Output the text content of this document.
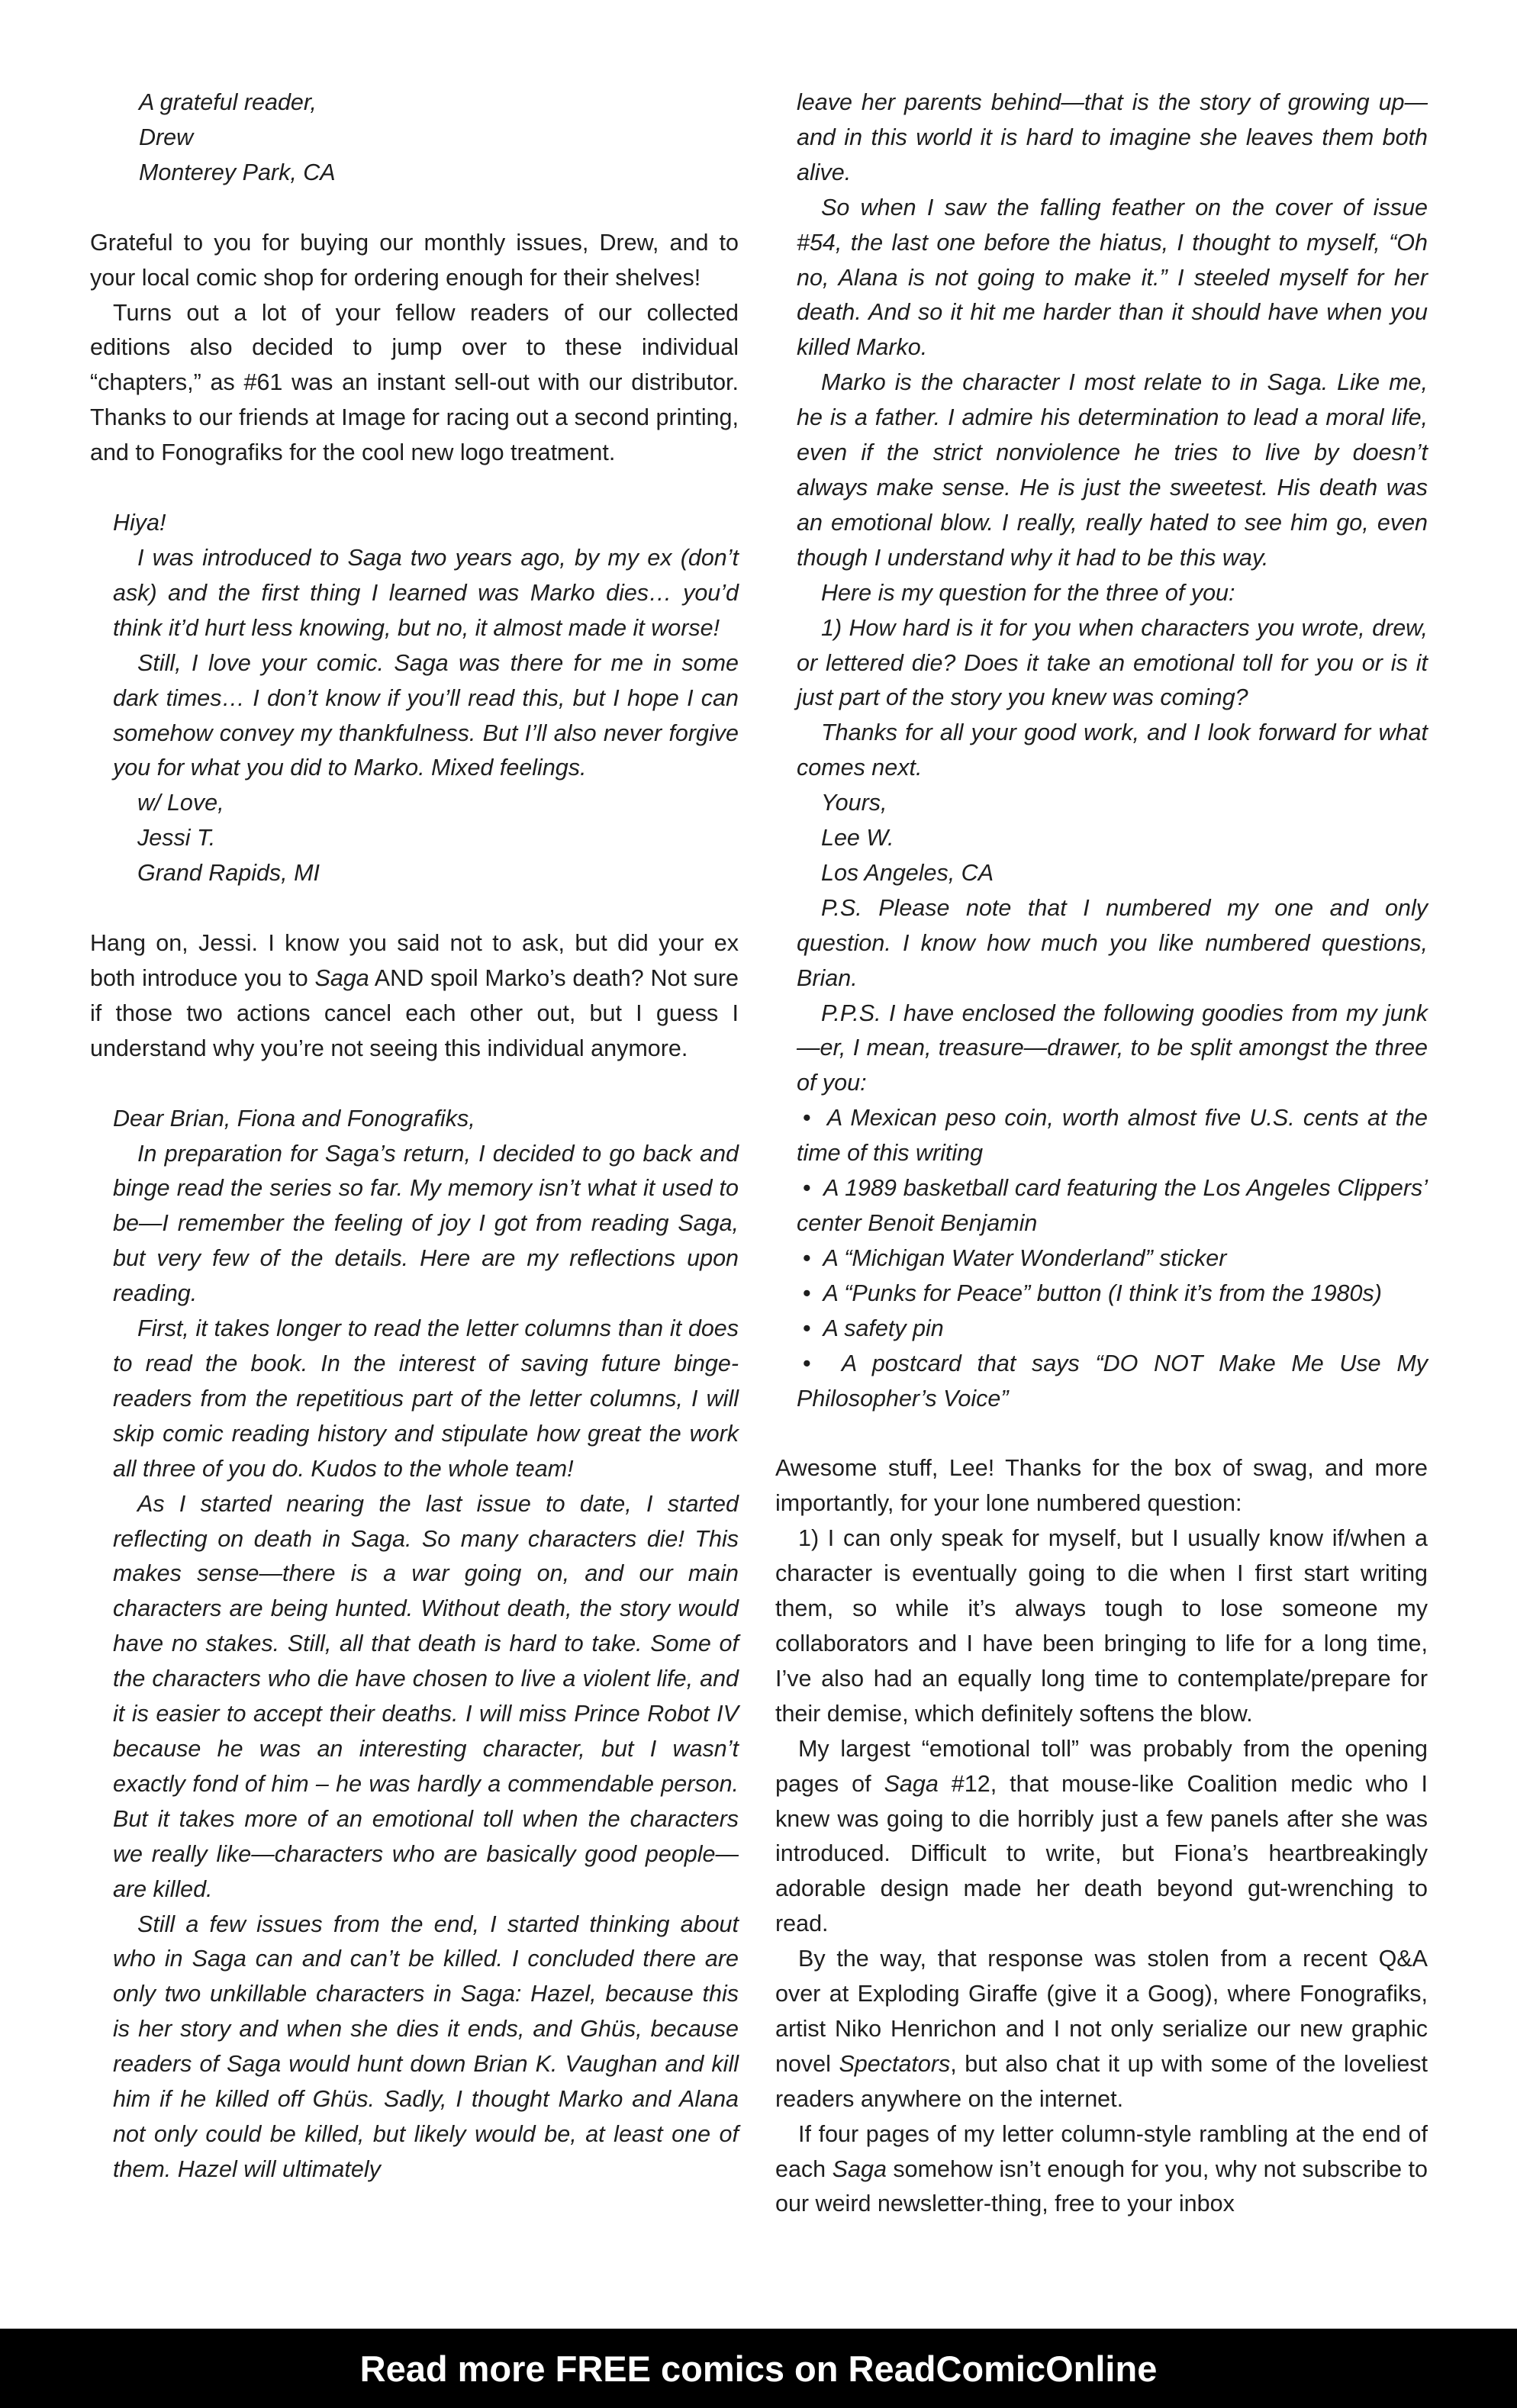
A grateful reader,

Drew

Monterey Park, CA

Grateful to you for buying our monthly issues, Drew, and to your local comic shop for ordering enough for their shelves!

Turns out a lot of your fellow readers of our collected editions also decided to jump over to these individual “chapters,” as #61 was an instant sell-out with our distributor. Thanks to our friends at Image for racing out a second printing, and to Fonografiks for the cool new logo treatment.

Hiya!

I was introduced to Saga two years ago, by my ex (don’t ask) and the first thing I learned was Marko dies… you’d think it’d hurt less knowing, but no, it almost made it worse!

Still, I love your comic. Saga was there for me in some dark times… I don’t know if you’ll read this, but I hope I can somehow convey my thankfulness. But I’ll also never forgive you for what you did to Marko. Mixed feelings.

w/ Love,

Jessi T.

Grand Rapids, MI

Hang on, Jessi. I know you said not to ask, but did your ex both introduce you to Saga AND spoil Marko’s death? Not sure if those two actions cancel each other out, but I guess I understand why you’re not seeing this individual anymore.

Dear Brian, Fiona and Fonografiks,

In preparation for Saga’s return, I decided to go back and binge read the series so far. My memory isn’t what it used to be—I remember the feeling of joy I got from reading Saga, but very few of the details. Here are my reflections upon reading.

First, it takes longer to read the letter columns than it does to read the book. In the interest of saving future binge-readers from the repetitious part of the letter columns, I will skip comic reading history and stipulate how great the work all three of you do. Kudos to the whole team!

As I started nearing the last issue to date, I started reflecting on death in Saga. So many characters die! This makes sense—there is a war going on, and our main characters are being hunted. Without death, the story would have no stakes. Still, all that death is hard to take. Some of the characters who die have chosen to live a violent life, and it is easier to accept their deaths. I will miss Prince Robot IV because he was an interesting character, but I wasn’t exactly fond of him – he was hardly a commendable person. But it takes more of an emotional toll when the characters we really like—characters who are basically good people—are killed.

Still a few issues from the end, I started thinking about who in Saga can and can’t be killed. I concluded there are only two unkillable characters in Saga: Hazel, because this is her story and when she dies it ends, and Ghüs, because readers of Saga would hunt down Brian K. Vaughan and kill him if he killed off Ghüs. Sadly, I thought Marko and Alana not only could be killed, but likely would be, at least one of them. Hazel will ultimately

leave her parents behind—that is the story of growing up—and in this world it is hard to imagine she leaves them both alive.

So when I saw the falling feather on the cover of issue #54, the last one before the hiatus, I thought to myself, “Oh no, Alana is not going to make it.” I steeled myself for her death. And so it hit me harder than it should have when you killed Marko.

Marko is the character I most relate to in Saga. Like me, he is a father. I admire his determination to lead a moral life, even if the strict nonviolence he tries to live by doesn’t always make sense. He is just the sweetest. His death was an emotional blow. I really, really hated to see him go, even though I understand why it had to be this way.

Here is my question for the three of you:

1) How hard is it for you when characters you wrote, drew, or lettered die? Does it take an emotional toll for you or is it just part of the story you knew was coming?

Thanks for all your good work, and I look forward for what comes next.

Yours,

Lee W.

Los Angeles, CA

P.S. Please note that I numbered my one and only question. I know how much you like numbered questions, Brian.

P.P.S. I have enclosed the following goodies from my junk—er, I mean, treasure—drawer, to be split amongst the three of you:

• A Mexican peso coin, worth almost five U.S. cents at the time of this writing

• A 1989 basketball card featuring the Los Angeles Clippers’ center Benoit Benjamin

• A “Michigan Water Wonderland” sticker

• A “Punks for Peace” button (I think it’s from the 1980s)

• A safety pin

• A postcard that says “DO NOT Make Me Use My Philosopher’s Voice”

Awesome stuff, Lee! Thanks for the box of swag, and more importantly, for your lone numbered question:

1) I can only speak for myself, but I usually know if/when a character is eventually going to die when I first start writing them, so while it’s always tough to lose someone my collaborators and I have been bringing to life for a long time, I’ve also had an equally long time to contemplate/prepare for their demise, which definitely softens the blow.

My largest “emotional toll” was probably from the opening pages of Saga #12, that mouse-like Coalition medic who I knew was going to die horribly just a few panels after she was introduced. Difficult to write, but Fiona’s heartbreakingly adorable design made her death beyond gut-wrenching to read.

By the way, that response was stolen from a recent Q&A over at Exploding Giraffe (give it a Goog), where Fonografiks, artist Niko Henrichon and I not only serialize our new graphic novel Spectators, but also chat it up with some of the loveliest readers anywhere on the internet.

If four pages of my letter column-style rambling at the end of each Saga somehow isn’t enough for you, why not subscribe to our weird newsletter-thing, free to your inbox

Read more FREE comics on ReadComicOnline
